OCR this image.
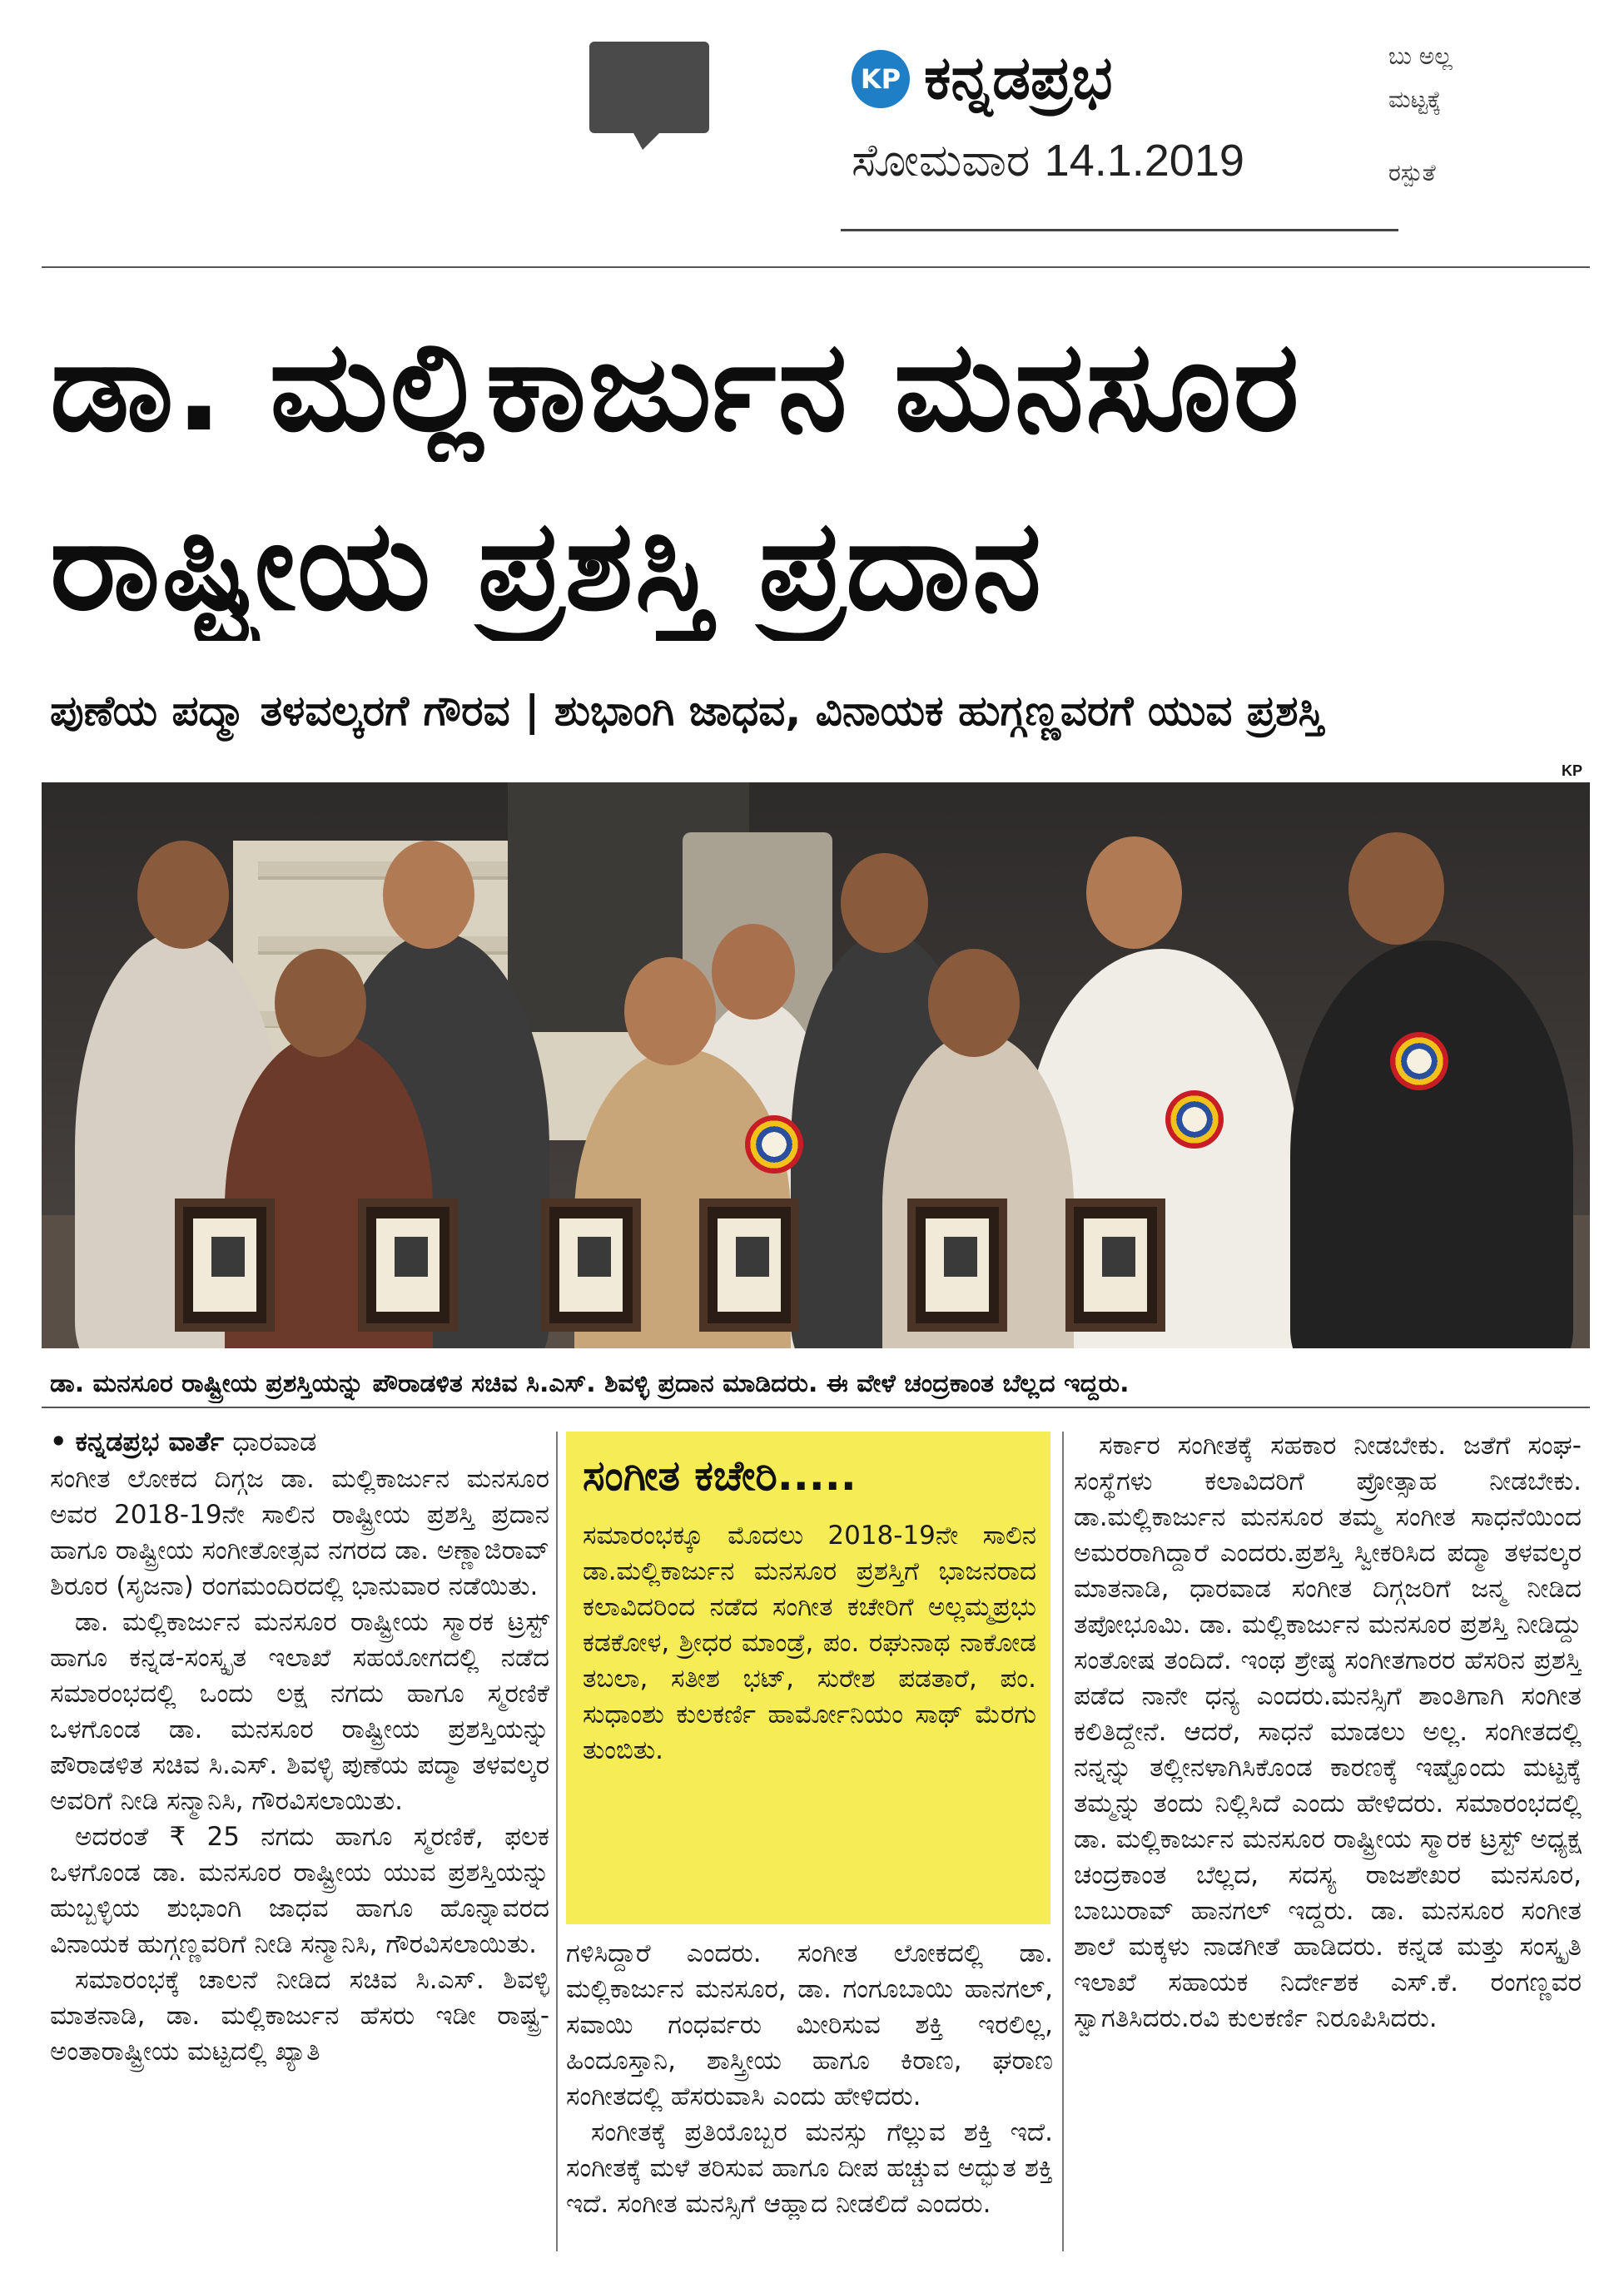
KP ಕನ್ನಡಪ್ರಭ
ಸೋಮವಾರ 14.1.2019
ಬು ಅಲ್ಲ
ಮಟ್ಟಕ್ಕೆ
ರಸ್ಪುತೆ
ಡಾ. ಮಲ್ಲಿಕಾರ್ಜುನ ಮನಸೂರ
ರಾಷ್ಟ್ರೀಯ ಪ್ರಶಸ್ತಿ ಪ್ರದಾನ
ಪುಣೆಯ ಪದ್ಮಾ ತಳವಲ್ಕರಗೆ ಗೌರವ | ಶುಭಾಂಗಿ ಜಾಧವ, ವಿನಾಯಕ ಹುಗ್ಗಣ್ಣವರಗೆ ಯುವ ಪ್ರಶಸ್ತಿ
KP
ಡಾ. ಮನಸೂರ ರಾಷ್ಟ್ರೀಯ ಪ್ರಶಸ್ತಿಯನ್ನು ಪೌರಾಡಳಿತ ಸಚಿವ ಸಿ.ಎಸ್. ಶಿವಳ್ಳಿ ಪ್ರದಾನ ಮಾಡಿದರು. ಈ ವೇಳೆ ಚಂದ್ರಕಾಂತ ಬೆಲ್ಲದ ಇದ್ದರು.
• ಕನ್ನಡಪ್ರಭ ವಾರ್ತೆ ಧಾರವಾಡ

ಸಂಗೀತ ಲೋಕದ ದಿಗ್ಗಜ ಡಾ. ಮಲ್ಲಿಕಾರ್ಜುನ ಮನಸೂರ ಅವರ 2018-19ನೇ ಸಾಲಿನ ರಾಷ್ಟ್ರೀಯ ಪ್ರಶಸ್ತಿ ಪ್ರದಾನ ಹಾಗೂ ರಾಷ್ಟ್ರೀಯ ಸಂಗೀತೋತ್ಸವ ನಗರದ ಡಾ. ಅಣ್ಣಾಜಿರಾವ್ ಶಿರೂರ (ಸೃಜನಾ) ರಂಗಮಂದಿರದಲ್ಲಿ ಭಾನುವಾರ ನಡೆಯಿತು.

ಡಾ. ಮಲ್ಲಿಕಾರ್ಜುನ ಮನಸೂರ ರಾಷ್ಟ್ರೀಯ ಸ್ಮಾರಕ ಟ್ರಸ್ಟ್ ಹಾಗೂ ಕನ್ನಡ-ಸಂಸ್ಕೃತ ಇಲಾಖೆ ಸಹಯೋಗದಲ್ಲಿ ನಡೆದ ಸಮಾರಂಭದಲ್ಲಿ ಒಂದು ಲಕ್ಷ ನಗದು ಹಾಗೂ ಸ್ಮರಣಿಕೆ ಒಳಗೊಂಡ ಡಾ. ಮನಸೂರ ರಾಷ್ಟ್ರೀಯ ಪ್ರಶಸ್ತಿಯನ್ನು ಪೌರಾಡಳಿತ ಸಚಿವ ಸಿ.ಎಸ್. ಶಿವಳ್ಳಿ ಪುಣೆಯ ಪದ್ಮಾ ತಳವಲ್ಕರ ಅವರಿಗೆ ನೀಡಿ ಸನ್ಮಾನಿಸಿ, ಗೌರವಿಸಲಾಯಿತು.

ಅದರಂತೆ ₹ 25 ನಗದು ಹಾಗೂ ಸ್ಮರಣಿಕೆ, ಫಲಕ ಒಳಗೊಂಡ ಡಾ. ಮನಸೂರ ರಾಷ್ಟ್ರೀಯ ಯುವ ಪ್ರಶಸ್ತಿಯನ್ನು ಹುಬ್ಬಳ್ಳಿಯ ಶುಭಾಂಗಿ ಜಾಧವ ಹಾಗೂ ಹೊನ್ನಾವರದ ವಿನಾಯಕ ಹುಗ್ಗಣ್ಣವರಿಗೆ ನೀಡಿ ಸನ್ಮಾನಿಸಿ, ಗೌರವಿಸಲಾಯಿತು.

ಸಮಾರಂಭಕ್ಕೆ ಚಾಲನೆ ನೀಡಿದ ಸಚಿವ ಸಿ.ಎಸ್. ಶಿವಳ್ಳಿ ಮಾತನಾಡಿ, ಡಾ. ಮಲ್ಲಿಕಾರ್ಜುನ ಹೆಸರು ಇಡೀ ರಾಷ್ಟ್ರ-ಅಂತಾರಾಷ್ಟ್ರೀಯ ಮಟ್ಟದಲ್ಲಿ ಖ್ಯಾತಿ

ಸಂಗೀತ ಕಚೇರಿ.....
ಸಮಾರಂಭಕ್ಕೂ ಮೊದಲು 2018-19ನೇ ಸಾಲಿನ ಡಾ.ಮಲ್ಲಿಕಾರ್ಜುನ ಮನಸೂರ ಪ್ರಶಸ್ತಿಗೆ ಭಾಜನರಾದ ಕಲಾವಿದರಿಂದ ನಡೆದ ಸಂಗೀತ ಕಚೇರಿಗೆ ಅಲ್ಲಮ್ಮಪ್ರಭು ಕಡಕೋಳ, ಶ್ರೀಧರ ಮಾಂಡ್ರೆ, ಪಂ. ರಘುನಾಥ ನಾಕೋಡ ತಬಲಾ, ಸತೀಶ ಭಟ್, ಸುರೇಶ ಪಡತಾರೆ, ಪಂ. ಸುಧಾಂಶು ಕುಲಕರ್ಣಿ ಹಾರ್ಮೋನಿಯಂ ಸಾಥ್ ಮೆರಗು ತುಂಬಿತು.

ಗಳಿಸಿದ್ದಾರೆ ಎಂದರು. ಸಂಗೀತ ಲೋಕದಲ್ಲಿ ಡಾ. ಮಲ್ಲಿಕಾರ್ಜುನ ಮನಸೂರ, ಡಾ. ಗಂಗೂಬಾಯಿ ಹಾನಗಲ್, ಸವಾಯಿ ಗಂಧರ್ವರು ಮೀರಿಸುವ ಶಕ್ತಿ ಇರಲಿಲ್ಲ, ಹಿಂದೂಸ್ತಾನಿ, ಶಾಸ್ತ್ರೀಯ ಹಾಗೂ ಕಿರಾಣ, ಘರಾಣ ಸಂಗೀತದಲ್ಲಿ ಹೆಸರುವಾಸಿ ಎಂದು ಹೇಳಿದರು.

ಸಂಗೀತಕ್ಕೆ ಪ್ರತಿಯೊಬ್ಬರ ಮನಸ್ಸು ಗೆಲ್ಲುವ ಶಕ್ತಿ ಇದೆ. ಸಂಗೀತಕ್ಕೆ ಮಳೆ ತರಿಸುವ ಹಾಗೂ ದೀಪ ಹಚ್ಚುವ ಅದ್ಭುತ ಶಕ್ತಿ ಇದೆ. ಸಂಗೀತ ಮನಸ್ಸಿಗೆ ಆಹ್ಲಾದ ನೀಡಲಿದೆ ಎಂದರು.

ಸರ್ಕಾರ ಸಂಗೀತಕ್ಕೆ ಸಹಕಾರ ನೀಡಬೇಕು. ಜತೆಗೆ ಸಂಘ-ಸಂಸ್ಥೆಗಳು ಕಲಾವಿದರಿಗೆ ಪ್ರೋತ್ಸಾಹ ನೀಡಬೇಕು. ಡಾ.ಮಲ್ಲಿಕಾರ್ಜುನ ಮನಸೂರ ತಮ್ಮ ಸಂಗೀತ ಸಾಧನೆಯಿಂದ ಅಮರರಾಗಿದ್ದಾರೆ ಎಂದರು.ಪ್ರಶಸ್ತಿ ಸ್ವೀಕರಿಸಿದ ಪದ್ಮಾ ತಳವಲ್ಕರ ಮಾತನಾಡಿ, ಧಾರವಾಡ ಸಂಗೀತ ದಿಗ್ಗಜರಿಗೆ ಜನ್ಮ ನೀಡಿದ ತಪೋಭೂಮಿ. ಡಾ. ಮಲ್ಲಿಕಾರ್ಜುನ ಮನಸೂರ ಪ್ರಶಸ್ತಿ ನೀಡಿದ್ದು ಸಂತೋಷ ತಂದಿದೆ. ಇಂಥ ಶ್ರೇಷ್ಠ ಸಂಗೀತಗಾರರ ಹೆಸರಿನ ಪ್ರಶಸ್ತಿ ಪಡೆದ ನಾನೇ ಧನ್ಯ ಎಂದರು.ಮನಸ್ಸಿಗೆ ಶಾಂತಿಗಾಗಿ ಸಂಗೀತ ಕಲಿತಿದ್ದೇನೆ. ಆದರೆ, ಸಾಧನೆ ಮಾಡಲು ಅಲ್ಲ. ಸಂಗೀತದಲ್ಲಿ ನನ್ನನ್ನು ತಲ್ಲೀನಳಾಗಿಸಿಕೊಂಡ ಕಾರಣಕ್ಕೆ ಇಷ್ಟೊಂದು ಮಟ್ಟಕ್ಕೆ ತಮ್ಮನ್ನು ತಂದು ನಿಲ್ಲಿಸಿದೆ ಎಂದು ಹೇಳಿದರು. ಸಮಾರಂಭದಲ್ಲಿ ಡಾ. ಮಲ್ಲಿಕಾರ್ಜುನ ಮನಸೂರ ರಾಷ್ಟ್ರೀಯ ಸ್ಮಾರಕ ಟ್ರಸ್ಟ್ ಅಧ್ಯಕ್ಷ ಚಂದ್ರಕಾಂತ ಬೆಲ್ಲದ, ಸದಸ್ಯ ರಾಜಶೇಖರ ಮನಸೂರ, ಬಾಬುರಾವ್ ಹಾನಗಲ್ ಇದ್ದರು. ಡಾ. ಮನಸೂರ ಸಂಗೀತ ಶಾಲೆ ಮಕ್ಕಳು ನಾಡಗೀತೆ ಹಾಡಿದರು. ಕನ್ನಡ ಮತ್ತು ಸಂಸ್ಕೃತಿ ಇಲಾಖೆ ಸಹಾಯಕ ನಿರ್ದೇಶಕ ಎಸ್.ಕೆ. ರಂಗಣ್ಣವರ ಸ್ವಾಗತಿಸಿದರು.ರವಿ ಕುಲಕರ್ಣಿ ನಿರೂಪಿಸಿದರು.
